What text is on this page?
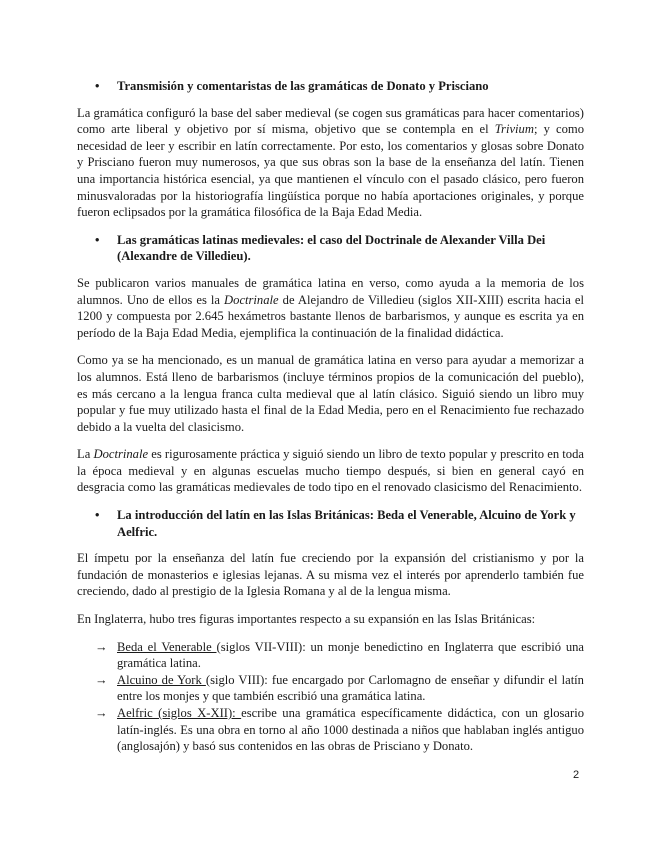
• Transmisión y comentaristas de las gramáticas de Donato y Prisciano

La gramática configuró la base del saber medieval (se cogen sus gramáticas para hacer comentarios) como arte liberal y objetivo por sí misma, objetivo que se contempla en el Trivium; y como necesidad de leer y escribir en latín correctamente. Por esto, los comentarios y glosas sobre Donato y Prisciano fueron muy numerosos, ya que sus obras son la base de la enseñanza del latín. Tienen una importancia histórica esencial, ya que mantienen el vínculo con el pasado clásico, pero fueron minusvaloradas por la historiografía lingüística porque no había aportaciones originales, y porque fueron eclipsados por la gramática filosófica de la Baja Edad Media.

• Las gramáticas latinas medievales: el caso del Doctrinale de Alexander Villa Dei (Alexandre de Villedieu).

Se publicaron varios manuales de gramática latina en verso, como ayuda a la memoria de los alumnos. Uno de ellos es la Doctrinale de Alejandro de Villedieu (siglos XII-XIII) escrita hacia el 1200 y compuesta por 2.645 hexámetros bastante llenos de barbarismos, y aunque es escrita ya en período de la Baja Edad Media, ejemplifica la continuación de la finalidad didáctica.

Como ya se ha mencionado, es un manual de gramática latina en verso para ayudar a memorizar a los alumnos. Está lleno de barbarismos (incluye términos propios de la comunicación del pueblo), es más cercano a la lengua franca culta medieval que al latín clásico. Siguió siendo un libro muy popular y fue muy utilizado hasta el final de la Edad Media, pero en el Renacimiento fue rechazado debido a la vuelta del clasicismo.

La Doctrinale es rigurosamente práctica y siguió siendo un libro de texto popular y prescrito en toda la época medieval y en algunas escuelas mucho tiempo después, si bien en general cayó en desgracia como las gramáticas medievales de todo tipo en el renovado clasicismo del Renacimiento.

• La introducción del latín en las Islas Británicas: Beda el Venerable, Alcuino de York y Aelfric.

El ímpetu por la enseñanza del latín fue creciendo por la expansión del cristianismo y por la fundación de monasterios e iglesias lejanas. A su misma vez el interés por aprenderlo también fue creciendo, dado al prestigio de la Iglesia Romana y al de la lengua misma.

En Inglaterra, hubo tres figuras importantes respecto a su expansión en las Islas Británicas:

→ Beda el Venerable (siglos VII-VIII): un monje benedictino en Inglaterra que escribió una gramática latina.
→ Alcuino de York (siglo VIII): fue encargado por Carlomagno de enseñar y difundir el latín entre los monjes y que también escribió una gramática latina.
→ Aelfric (siglos X-XII): escribe una gramática específicamente didáctica, con un glosario latín-inglés. Es una obra en torno al año 1000 destinada a niños que hablaban inglés antiguo (anglosajón) y basó sus contenidos en las obras de Prisciano y Donato.
2
